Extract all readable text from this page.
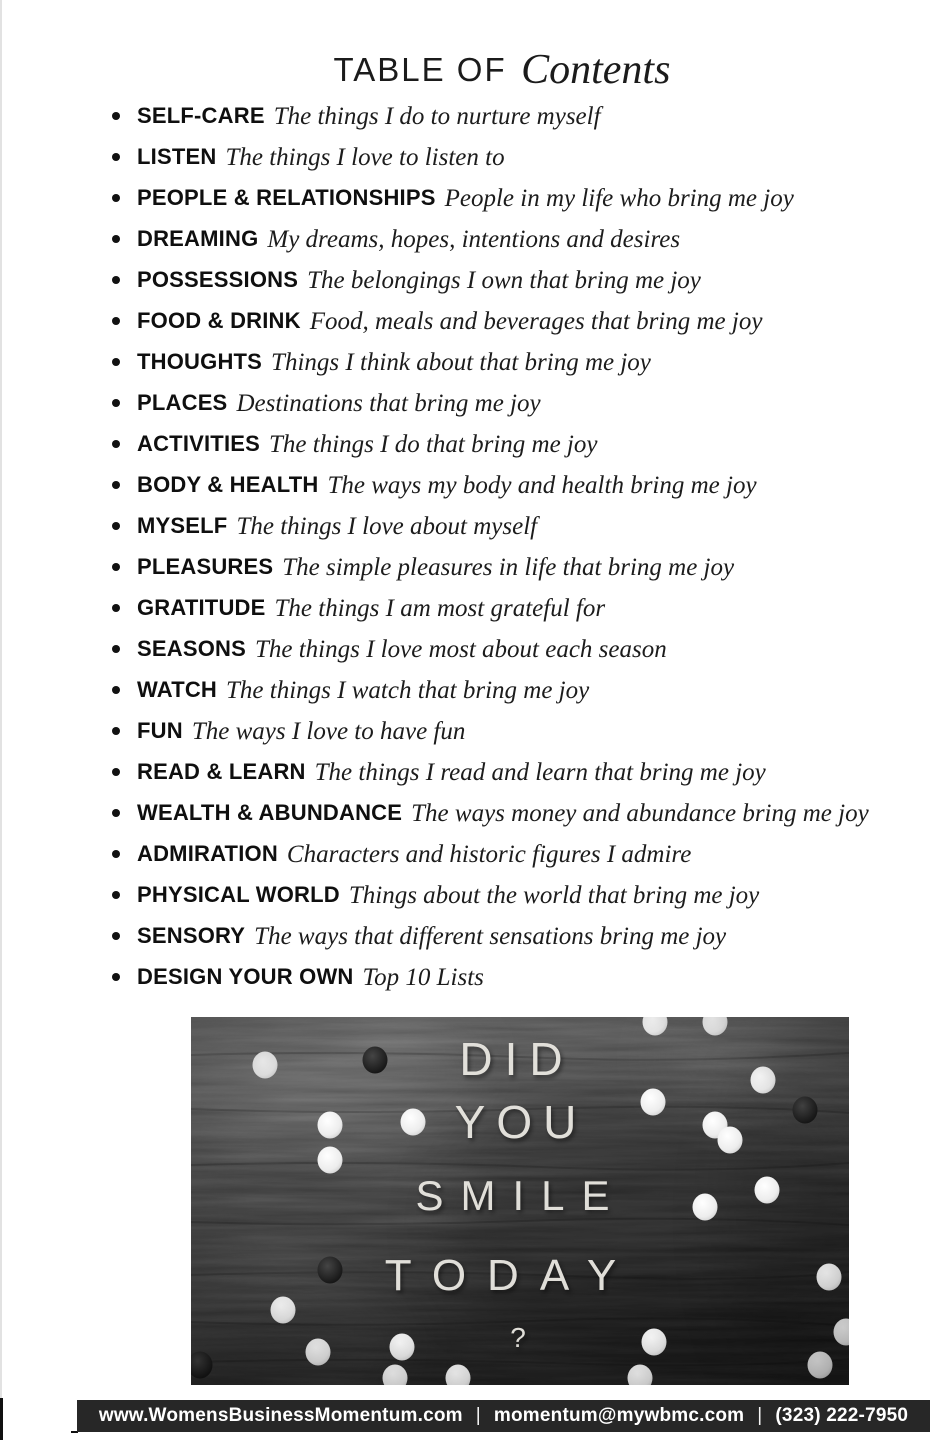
TABLE OF Contents
SELF-CARE The things I do to nurture myself
LISTEN The things I love to listen to
PEOPLE & RELATIONSHIPS People in my life who bring me joy
DREAMING My dreams, hopes, intentions and desires
POSSESSIONS The belongings I own that bring me joy
FOOD & DRINK Food, meals and beverages that bring me joy
THOUGHTS Things I think about that bring me joy
PLACES Destinations that bring me joy
ACTIVITIES The things I do that bring me joy
BODY & HEALTH The ways my body and health bring me joy
MYSELF The things I love about myself
PLEASURES The simple pleasures in life that bring me joy
GRATITUDE The things I am most grateful for
SEASONS The things I love most about each season
WATCH The things I watch that bring me joy
FUN The ways I love to have fun
READ & LEARN The things I read and learn that bring me joy
WEALTH & ABUNDANCE The ways money and abundance bring me joy
ADMIRATION Characters and historic figures I admire
PHYSICAL WORLD Things about the world that bring me joy
SENSORY The ways that different sensations bring me joy
DESIGN YOUR OWN Top 10 Lists
www.WomensBusinessMomentum.com | momentum@mywbmc.com | (323) 222-7950
